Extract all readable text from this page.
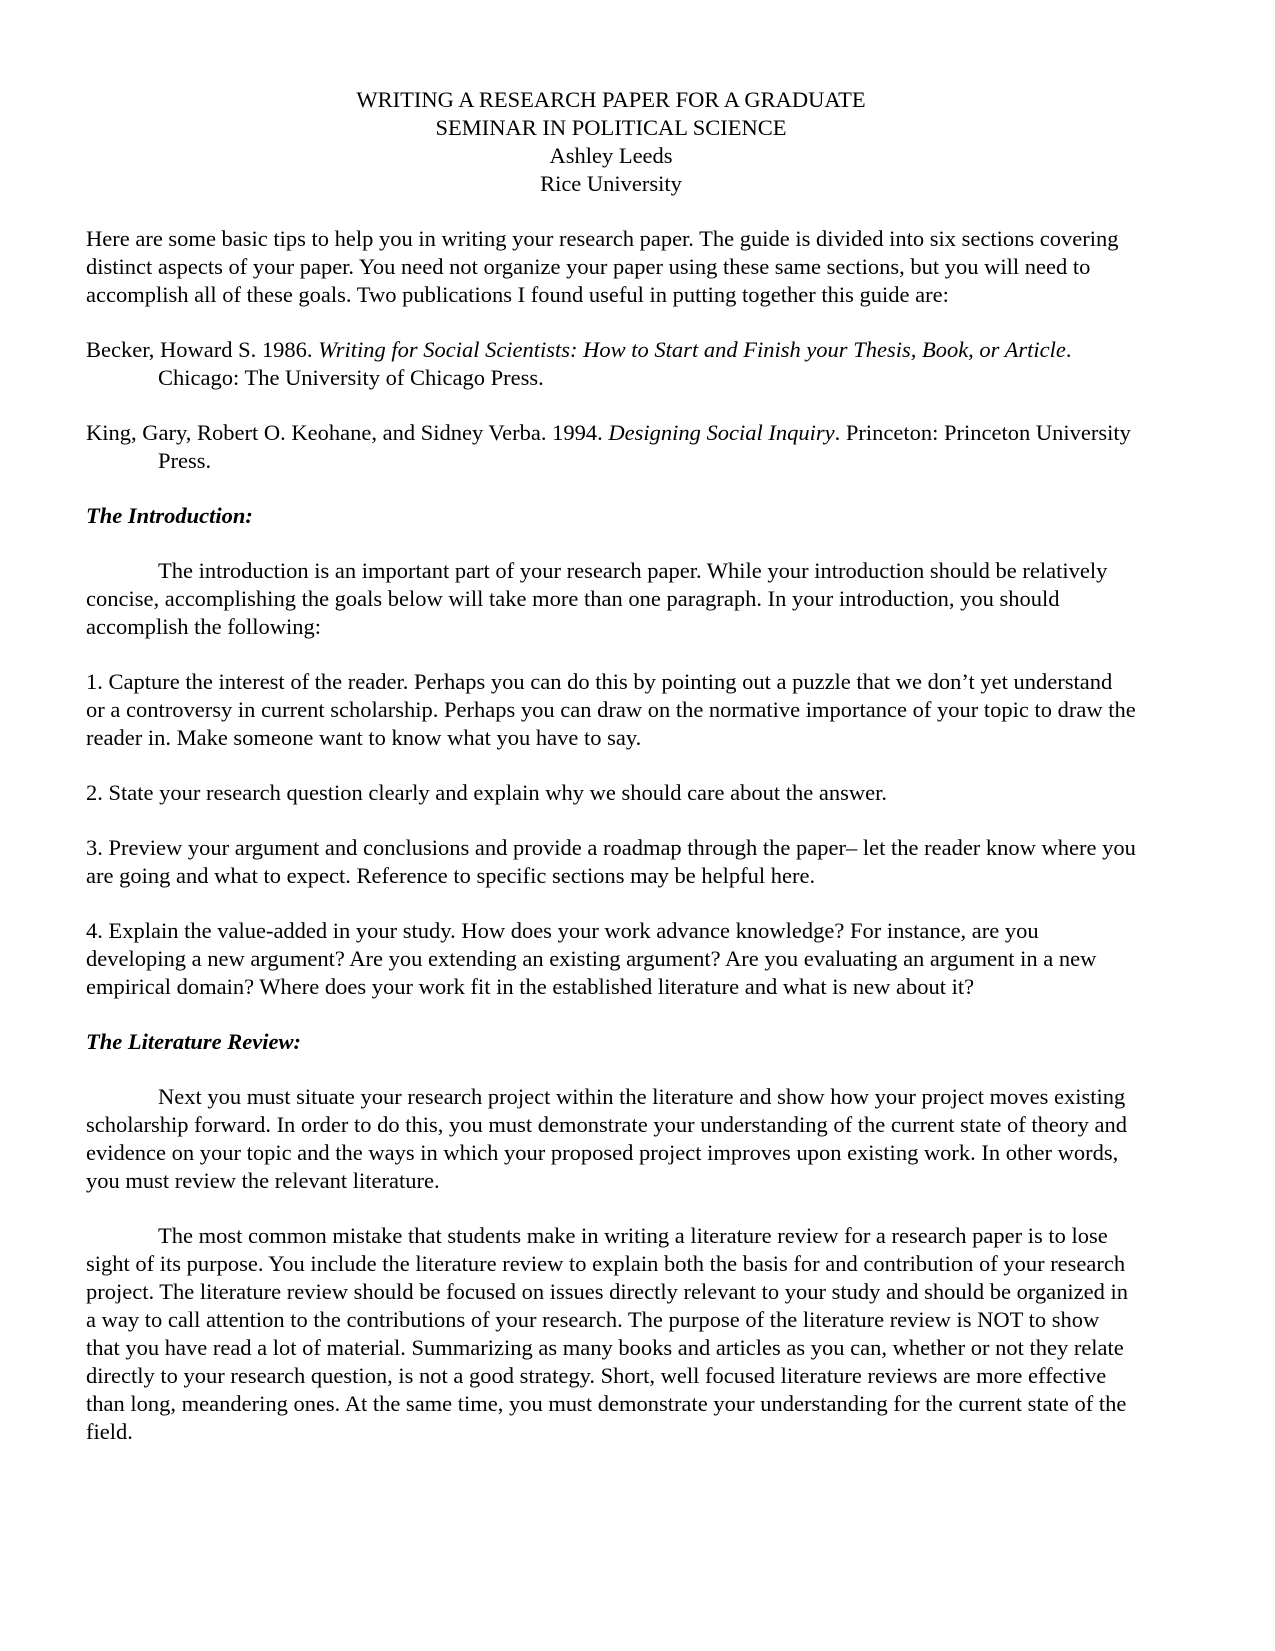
WRITING A RESEARCH PAPER FOR A GRADUATE
SEMINAR IN POLITICAL SCIENCE
Ashley Leeds
Rice University

Here are some basic tips to help you in writing your research paper. The guide is divided into six sections covering distinct aspects of your paper. You need not organize your paper using these same sections, but you will need to accomplish all of these goals. Two publications I found useful in putting together this guide are:

Becker, Howard S. 1986. Writing for Social Scientists: How to Start and Finish your Thesis, Book, or Article. Chicago: The University of Chicago Press.
King, Gary, Robert O. Keohane, and Sidney Verba. 1994. Designing Social Inquiry. Princeton: Princeton University Press.
The Introduction:

The introduction is an important part of your research paper. While your introduction should be relatively concise, accomplishing the goals below will take more than one paragraph. In your introduction, you should accomplish the following:

1. Capture the interest of the reader. Perhaps you can do this by pointing out a puzzle that we don’t yet understand or a controversy in current scholarship. Perhaps you can draw on the normative importance of your topic to draw the reader in. Make someone want to know what you have to say.

2. State your research question clearly and explain why we should care about the answer.

3. Preview your argument and conclusions and provide a roadmap through the paper– let the reader know where you are going and what to expect. Reference to specific sections may be helpful here.

4. Explain the value-added in your study. How does your work advance knowledge? For instance, are you developing a new argument? Are you extending an existing argument? Are you evaluating an argument in a new empirical domain? Where does your work fit in the established literature and what is new about it?

The Literature Review:

Next you must situate your research project within the literature and show how your project moves existing scholarship forward. In order to do this, you must demonstrate your understanding of the current state of theory and evidence on your topic and the ways in which your proposed project improves upon existing work. In other words, you must review the relevant literature.

The most common mistake that students make in writing a literature review for a research paper is to lose sight of its purpose. You include the literature review to explain both the basis for and contribution of your research project. The literature review should be focused on issues directly relevant to your study and should be organized in a way to call attention to the contributions of your research. The purpose of the literature review is NOT to show that you have read a lot of material. Summarizing as many books and articles as you can, whether or not they relate directly to your research question, is not a good strategy. Short, well focused literature reviews are more effective than long, meandering ones. At the same time, you must demonstrate your understanding for the current state of the field.
